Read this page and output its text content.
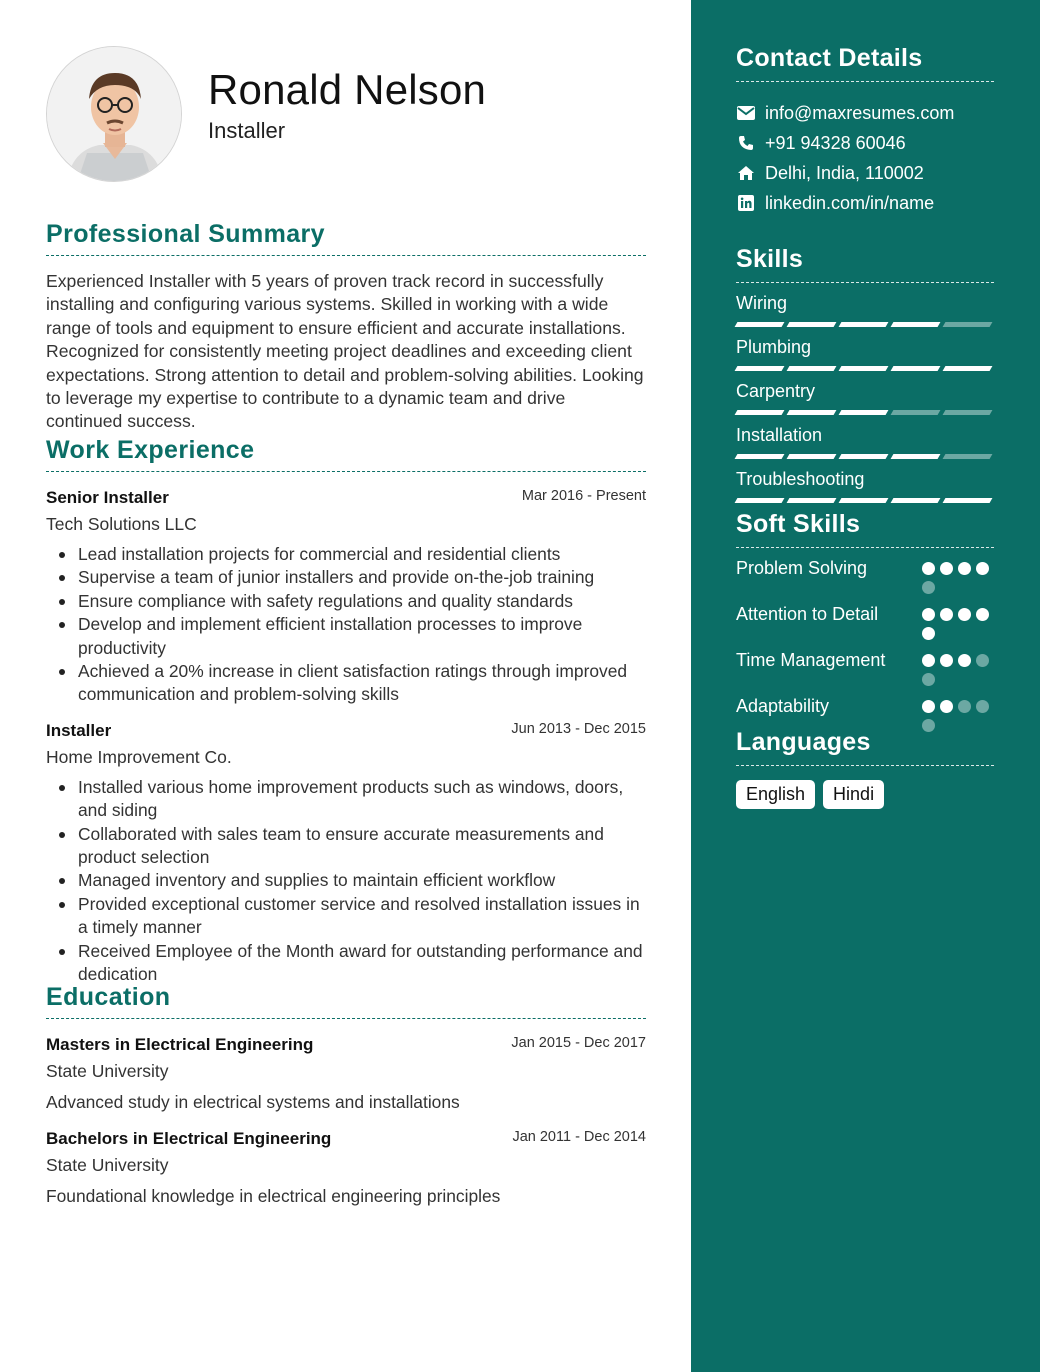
Ronald Nelson
Installer
Professional Summary

Experienced Installer with 5 years of proven track record in successfully installing and configuring various systems. Skilled in working with a wide range of tools and equipment to ensure efficient and accurate installations. Recognized for consistently meeting project deadlines and exceeding client expectations. Strong attention to detail and problem-solving abilities. Looking to leverage my expertise to contribute to a dynamic team and drive continued success.

Work Experience
Senior Installer	Mar 2016 - Present
Tech Solutions LLC
Lead installation projects for commercial and residential clients
Supervise a team of junior installers and provide on-the-job training
Ensure compliance with safety regulations and quality standards
Develop and implement efficient installation processes to improve productivity
Achieved a 20% increase in client satisfaction ratings through improved communication and problem-solving skills
Installer	Jun 2013 - Dec 2015
Home Improvement Co.
Installed various home improvement products such as windows, doors, and siding
Collaborated with sales team to ensure accurate measurements and product selection
Managed inventory and supplies to maintain efficient workflow
Provided exceptional customer service and resolved installation issues in a timely manner
Received Employee of the Month award for outstanding performance and dedication
Education
Masters in Electrical Engineering	Jan 2015 - Dec 2017
State University
Advanced study in electrical systems and installations
Bachelors in Electrical Engineering	Jan 2011 - Dec 2014
State University
Foundational knowledge in electrical engineering principles
Contact Details
info@maxresumes.com
+91 94328 60046
Delhi, India, 110002
linkedin.com/in/name
Skills
Wiring
Plumbing
Carpentry
Installation
Troubleshooting
Soft Skills
Problem Solving
Attention to Detail
Time Management
Adaptability
Languages
English	Hindi
